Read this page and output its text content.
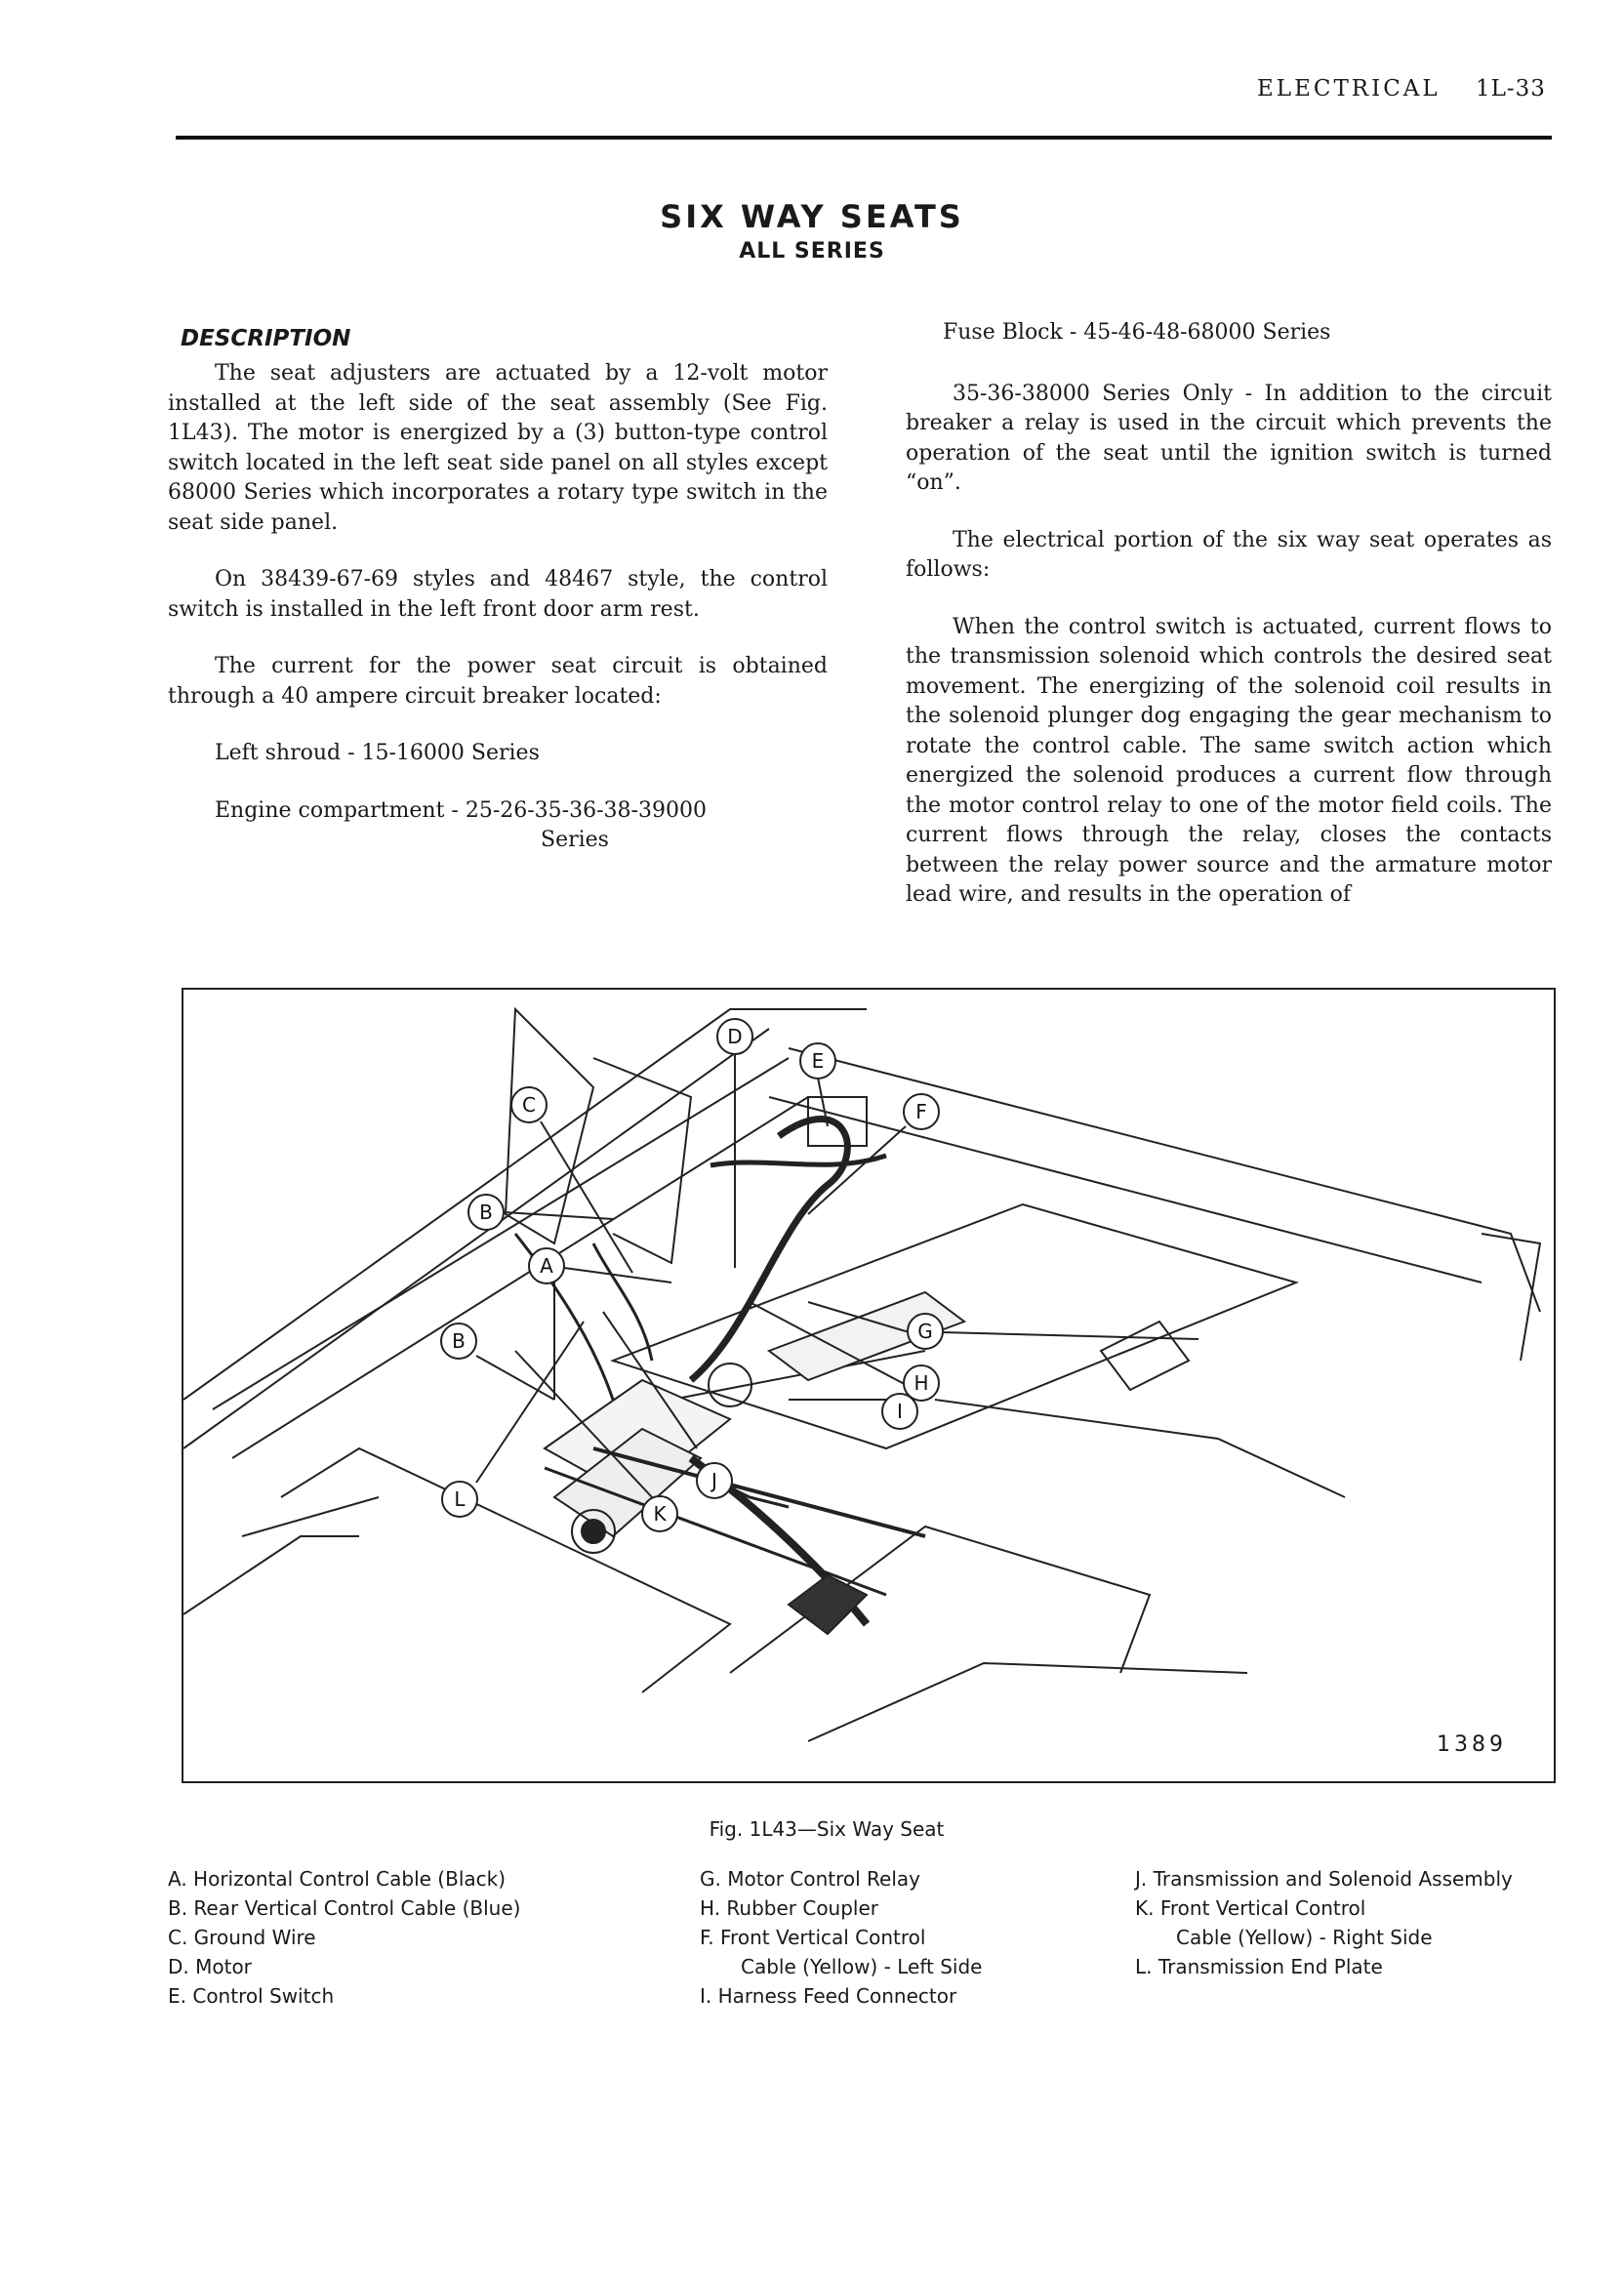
ELECTRICAL 1L-33
SIX WAY SEATS
ALL SERIES
DESCRIPTION

The seat adjusters are actuated by a 12-volt motor installed at the left side of the seat assembly (See Fig. 1L43). The motor is energized by a (3) button-type control switch located in the left seat side panel on all styles except 68000 Series which incorporates a rotary type switch in the seat side panel.

On 38439-67-69 styles and 48467 style, the control switch is installed in the left front door arm rest.

The current for the power seat circuit is obtained through a 40 ampere circuit breaker located:

Left shroud - 15-16000 Series

Engine compartment - 25-26-35-36-38-39000
Series

Fuse Block - 45-46-48-68000 Series

35-36-38000 Series Only - In addition to the circuit breaker a relay is used in the circuit which prevents the operation of the seat until the ignition switch is turned “on”.

The electrical portion of the six way seat operates as follows:

When the control switch is actuated, current flows to the transmission solenoid which controls the desired seat movement. The energizing of the solenoid coil results in the solenoid plunger dog engaging the gear mechanism to rotate the control cable. The same switch action which energized the solenoid produces a current flow through the motor control relay to one of the motor field coils. The current flows through the relay, closes the contacts between the relay power source and the armature motor lead wire, and results in the operation of

D
E
F
C
B
A
B	G
H
I
J
K
L
1389
Fig. 1L43—Six Way Seat
A. Horizontal Control Cable (Black)
B. Rear Vertical Control Cable (Blue)
C. Ground Wire
D. Motor
E. Control Switch
G. Motor Control Relay
H. Rubber Coupler
F. Front Vertical Control
Cable (Yellow) - Left Side
I. Harness Feed Connector
J. Transmission and Solenoid Assembly
K. Front Vertical Control
Cable (Yellow) - Right Side
L. Transmission End Plate
